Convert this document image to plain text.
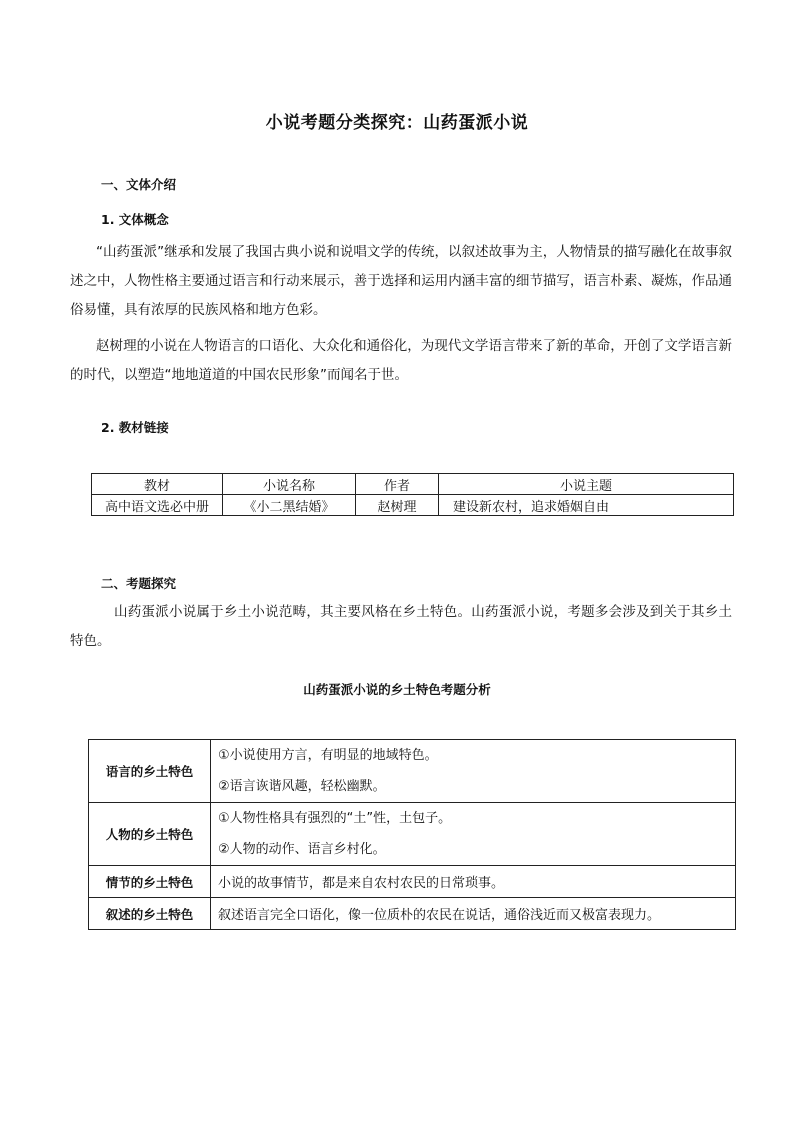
小说考题分类探究：山药蛋派小说
一、文体介绍
1. 文体概念
“山药蛋派”继承和发展了我国古典小说和说唱文学的传统，以叙述故事为主，人物情景的描写融化在故事叙述之中，人物性格主要通过语言和行动来展示，善于选择和运用内涵丰富的细节描写，语言朴素、凝炼，作品通俗易懂，具有浓厚的民族风格和地方色彩。
赵树理的小说在人物语言的口语化、大众化和通俗化，为现代文学语言带来了新的革命，开创了文学语言新的时代，以塑造“地地道道的中国农民形象”而闻名于世。
2. 教材链接
教材	小说名称	作者	小说主题
高中语文选必中册	《小二黑结婚》	赵树理	建设新农村，追求婚姻自由
二、考题探究
山药蛋派小说属于乡土小说范畴，其主要风格在乡土特色。山药蛋派小说，考题多会涉及到关于其乡土特色。
山药蛋派小说的乡土特色考题分析
语言的乡土特色	①小说使用方言，有明显的地域特色。
②语言诙谐风趣，轻松幽默。

人物的乡土特色	①人物性格具有强烈的“土”性，土包子。
②人物的动作、语言乡村化。

情节的乡土特色	小说的故事情节，都是来自农村农民的日常琐事。
叙述的乡土特色	叙述语言完全口语化，像一位质朴的农民在说话，通俗浅近而又极富表现力。
